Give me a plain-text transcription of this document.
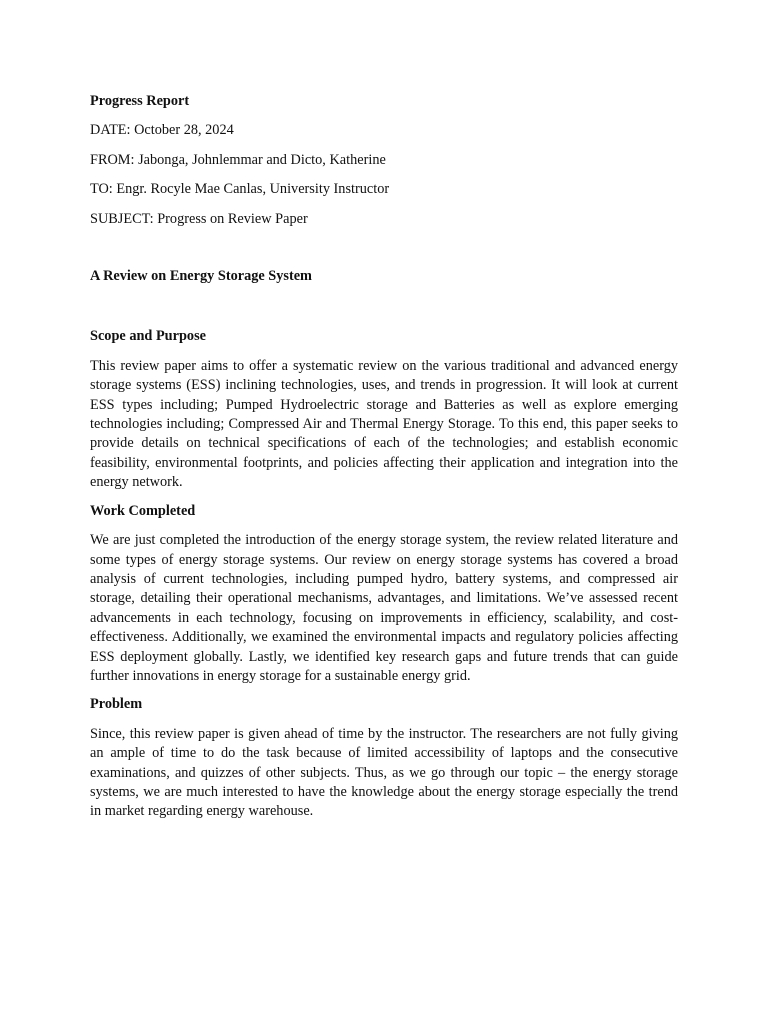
Progress Report
DATE: October 28, 2024
FROM: Jabonga, Johnlemmar and Dicto, Katherine
TO: Engr. Rocyle Mae Canlas, University Instructor
SUBJECT: Progress on Review Paper
A Review on Energy Storage System
Scope and Purpose

This review paper aims to offer a systematic review on the various traditional and advanced energy storage systems (ESS) inclining technologies, uses, and trends in progression. It will look at current ESS types including; Pumped Hydroelectric storage and Batteries as well as explore emerging technologies including; Compressed Air and Thermal Energy Storage. To this end, this paper seeks to provide details on technical specifications of each of the technologies; and establish economic feasibility, environmental footprints, and policies affecting their application and integration into the energy network.

Work Completed

We are just completed the introduction of the energy storage system, the review related literature and some types of energy storage systems. Our review on energy storage systems has covered a broad analysis of current technologies, including pumped hydro, battery systems, and compressed air storage, detailing their operational mechanisms, advantages, and limitations. We’ve assessed recent advancements in each technology, focusing on improvements in efficiency, scalability, and cost-effectiveness. Additionally, we examined the environmental impacts and regulatory policies affecting ESS deployment globally. Lastly, we identified key research gaps and future trends that can guide further innovations in energy storage for a sustainable energy grid.

Problem

Since, this review paper is given ahead of time by the instructor. The researchers are not fully giving an ample of time to do the task because of limited accessibility of laptops and the consecutive examinations, and quizzes of other subjects. Thus, as we go through our topic – the energy storage systems, we are much interested to have the knowledge about the energy storage especially the trend in market regarding energy warehouse.
